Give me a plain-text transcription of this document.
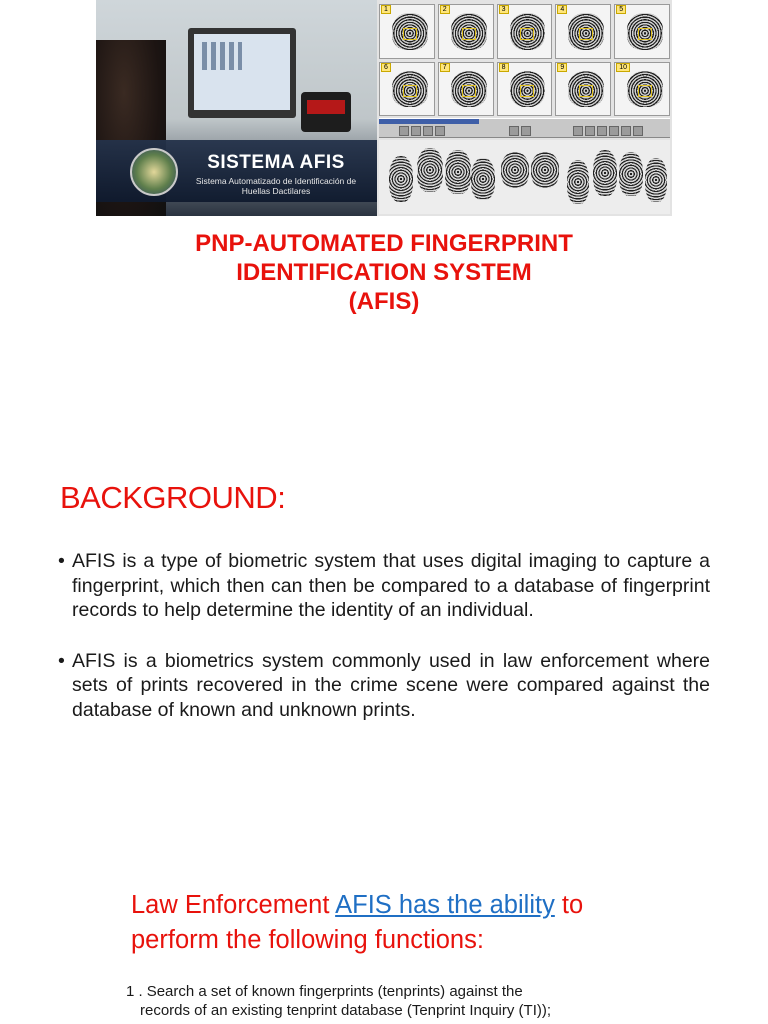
SISTEMA AFIS
Sistema Automatizado de Identificación de Huellas Dactilares
1	2	3	4	5
6	7	8	9	10
PNP-AUTOMATED FINGERPRINT
IDENTIFICATION SYSTEM
(AFIS)
BACKGROUND:
• AFIS is a type of biometric system that uses digital imaging to capture a fingerprint, which then can then be compared to a database of fingerprint records to help determine the identity of an individual.
• AFIS is a biometrics system commonly used in law enforcement where sets of prints recovered in the crime scene were compared against the database of known and unknown prints.
Law Enforcement AFIS has the ability to perform the following functions:
1 . Search a set of known fingerprints (tenprints) against the
records of an existing tenprint database (Tenprint Inquiry (TI));
